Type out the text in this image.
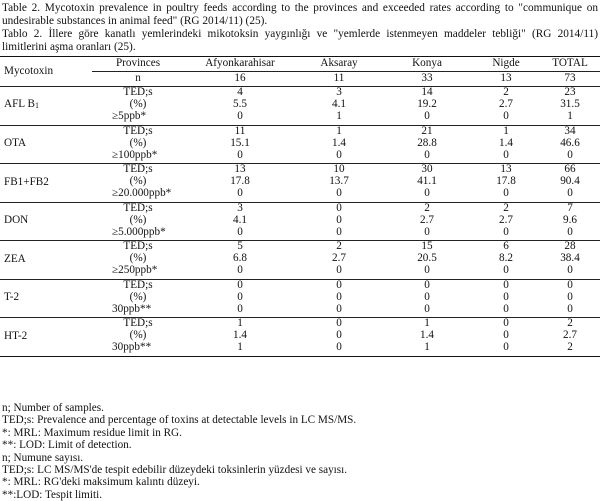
Table 2. Mycotoxin prevalence in poultry feeds according to the provinces and exceeded rates according to "communique on undesirable substances in animal feed" (RG 2014/11) (25).

Tablo 2. İllere göre kanatlı yemlerindeki mikotoksin yaygınlığı ve "yemlerde istenmeyen maddeler tebliği" (RG 2014/11) limitlerini aşma oranları (25).

Mycotoxin	Provinces	Afyonkarahisar	Aksaray	Konya	Nigde	TOTAL
	n	16	11	33	13	73
AFL $B_1$	TED;s	4	3	14	2	23
	(%)	5.5	4.1	19.2	2.7	31.5
	≥5ppb*	0	1	0	0	1
OTA	TED;s	11	1	21	1	34
	(%)	15.1	1.4	28.8	1.4	46.6
	≥100ppb*	0	0	0	0	0
FB1+FB2	TED;s	13	10	30	13	66
	(%)	17.8	13.7	41.1	17.8	90.4
	≥20.000ppb*	0	0	0	0	0
DON	TED;s	3	0	2	2	7
	(%)	4.1	0	2.7	2.7	9.6
	≥5.000ppb*	0	0	0	0	0
ZEA	TED;s	5	2	15	6	28
	(%)	6.8	2.7	20.5	8.2	38.4
	≥250ppb*	0	0	0	0	0
T-2	TED;s	0	0	0	0	0
	(%)	0	0	0	0	0
	30ppb**	0	0	0	0	0
HT-2	TED;s	1	0	1	0	2
	(%)	1.4	0	1.4	0	2.7
	30ppb**	1	0	1	0	2
n; Number of samples.
TED;s: Prevalence and percentage of toxins at detectable levels in LC MS/MS.
*: MRL: Maximum residue limit in RG.
**: LOD: Limit of detection.
n; Numune sayısı.
TED;s: LC MS/MS'de tespit edebilir düzeydeki toksinlerin yüzdesi ve sayısı.
*: MRL: RG'deki maksimum kalıntı düzeyi.
**:LOD: Tespit limiti.
